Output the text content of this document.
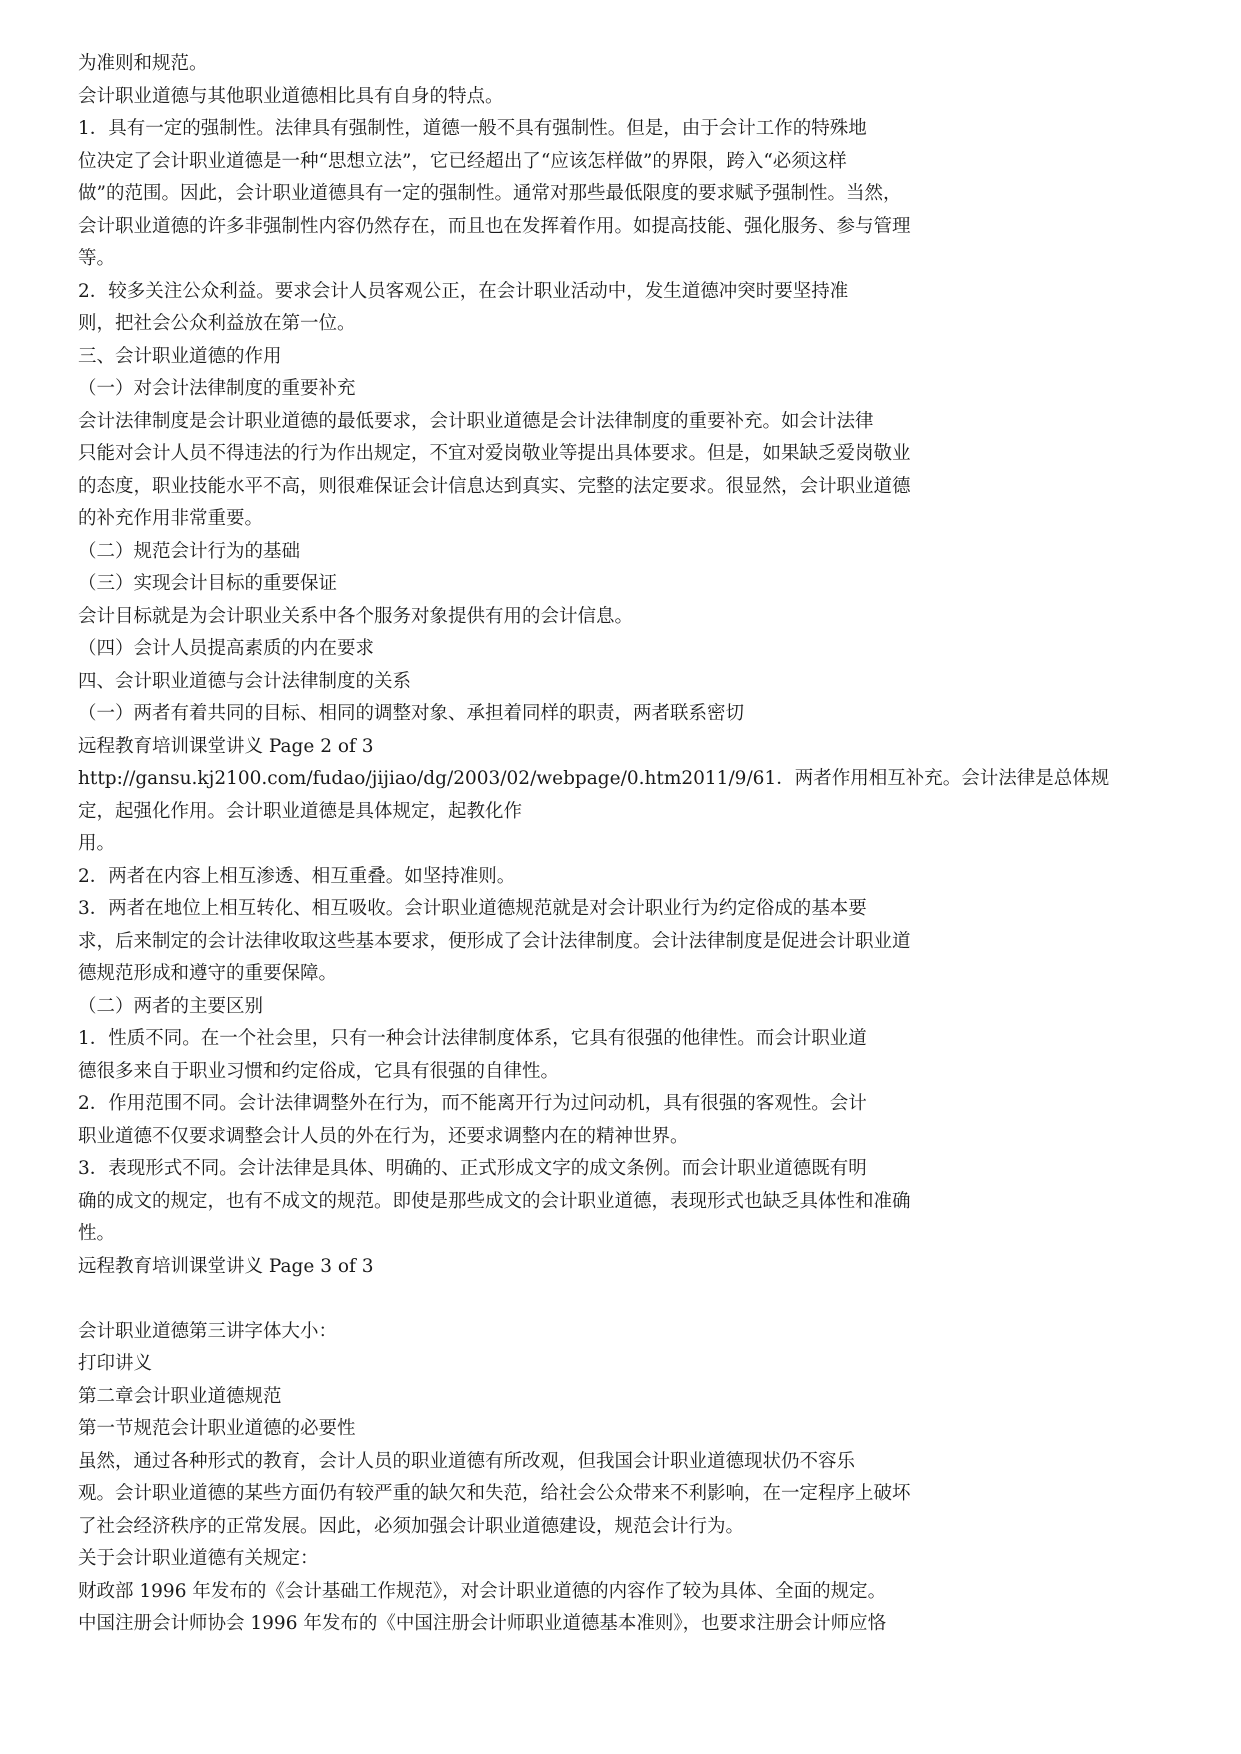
为准则和规范。
会计职业道德与其他职业道德相比具有自身的特点。
1．具有一定的强制性。法律具有强制性，道德一般不具有强制性。但是，由于会计工作的特殊地
位决定了会计职业道德是一种“思想立法”，它已经超出了“应该怎样做”的界限，跨入“必须这样
做”的范围。因此，会计职业道德具有一定的强制性。通常对那些最低限度的要求赋予强制性。当然，
会计职业道德的许多非强制性内容仍然存在，而且也在发挥着作用。如提高技能、强化服务、参与管理
等。
2．较多关注公众利益。要求会计人员客观公正，在会计职业活动中，发生道德冲突时要坚持准
则，把社会公众利益放在第一位。
三、会计职业道德的作用
（一）对会计法律制度的重要补充
会计法律制度是会计职业道德的最低要求，会计职业道德是会计法律制度的重要补充。如会计法律
只能对会计人员不得违法的行为作出规定，不宜对爱岗敬业等提出具体要求。但是，如果缺乏爱岗敬业
的态度，职业技能水平不高，则很难保证会计信息达到真实、完整的法定要求。很显然，会计职业道德
的补充作用非常重要。
（二）规范会计行为的基础
（三）实现会计目标的重要保证
会计目标就是为会计职业关系中各个服务对象提供有用的会计信息。
（四）会计人员提高素质的内在要求
四、会计职业道德与会计法律制度的关系
（一）两者有着共同的目标、相同的调整对象、承担着同样的职责，两者联系密切
远程教育培训课堂讲义 Page 2 of 3
http://gansu.kj2100.com/fudao/jijiao/dg/2003/02/webpage/0.htm2011/9/61．两者作用相互补充。会计法律是总体规
定，起强化作用。会计职业道德是具体规定，起教化作
用。
2．两者在内容上相互渗透、相互重叠。如坚持准则。
3．两者在地位上相互转化、相互吸收。会计职业道德规范就是对会计职业行为约定俗成的基本要
求，后来制定的会计法律收取这些基本要求，便形成了会计法律制度。会计法律制度是促进会计职业道
德规范形成和遵守的重要保障。
（二）两者的主要区别
1．性质不同。在一个社会里，只有一种会计法律制度体系，它具有很强的他律性。而会计职业道
德很多来自于职业习惯和约定俗成，它具有很强的自律性。
2．作用范围不同。会计法律调整外在行为，而不能离开行为过问动机，具有很强的客观性。会计
职业道德不仅要求调整会计人员的外在行为，还要求调整内在的精神世界。
3．表现形式不同。会计法律是具体、明确的、正式形成文字的成文条例。而会计职业道德既有明
确的成文的规定，也有不成文的规范。即使是那些成文的会计职业道德，表现形式也缺乏具体性和准确
性。
远程教育培训课堂讲义 Page 3 of 3
会计职业道德第三讲字体大小：
打印讲义
第二章会计职业道德规范
第一节规范会计职业道德的必要性
虽然，通过各种形式的教育，会计人员的职业道德有所改观，但我国会计职业道德现状仍不容乐
观。会计职业道德的某些方面仍有较严重的缺欠和失范，给社会公众带来不利影响，在一定程序上破坏
了社会经济秩序的正常发展。因此，必须加强会计职业道德建设，规范会计行为。
关于会计职业道德有关规定：
财政部 1996 年发布的《会计基础工作规范》，对会计职业道德的内容作了较为具体、全面的规定。
中国注册会计师协会 1996 年发布的《中国注册会计师职业道德基本准则》，也要求注册会计师应恪
